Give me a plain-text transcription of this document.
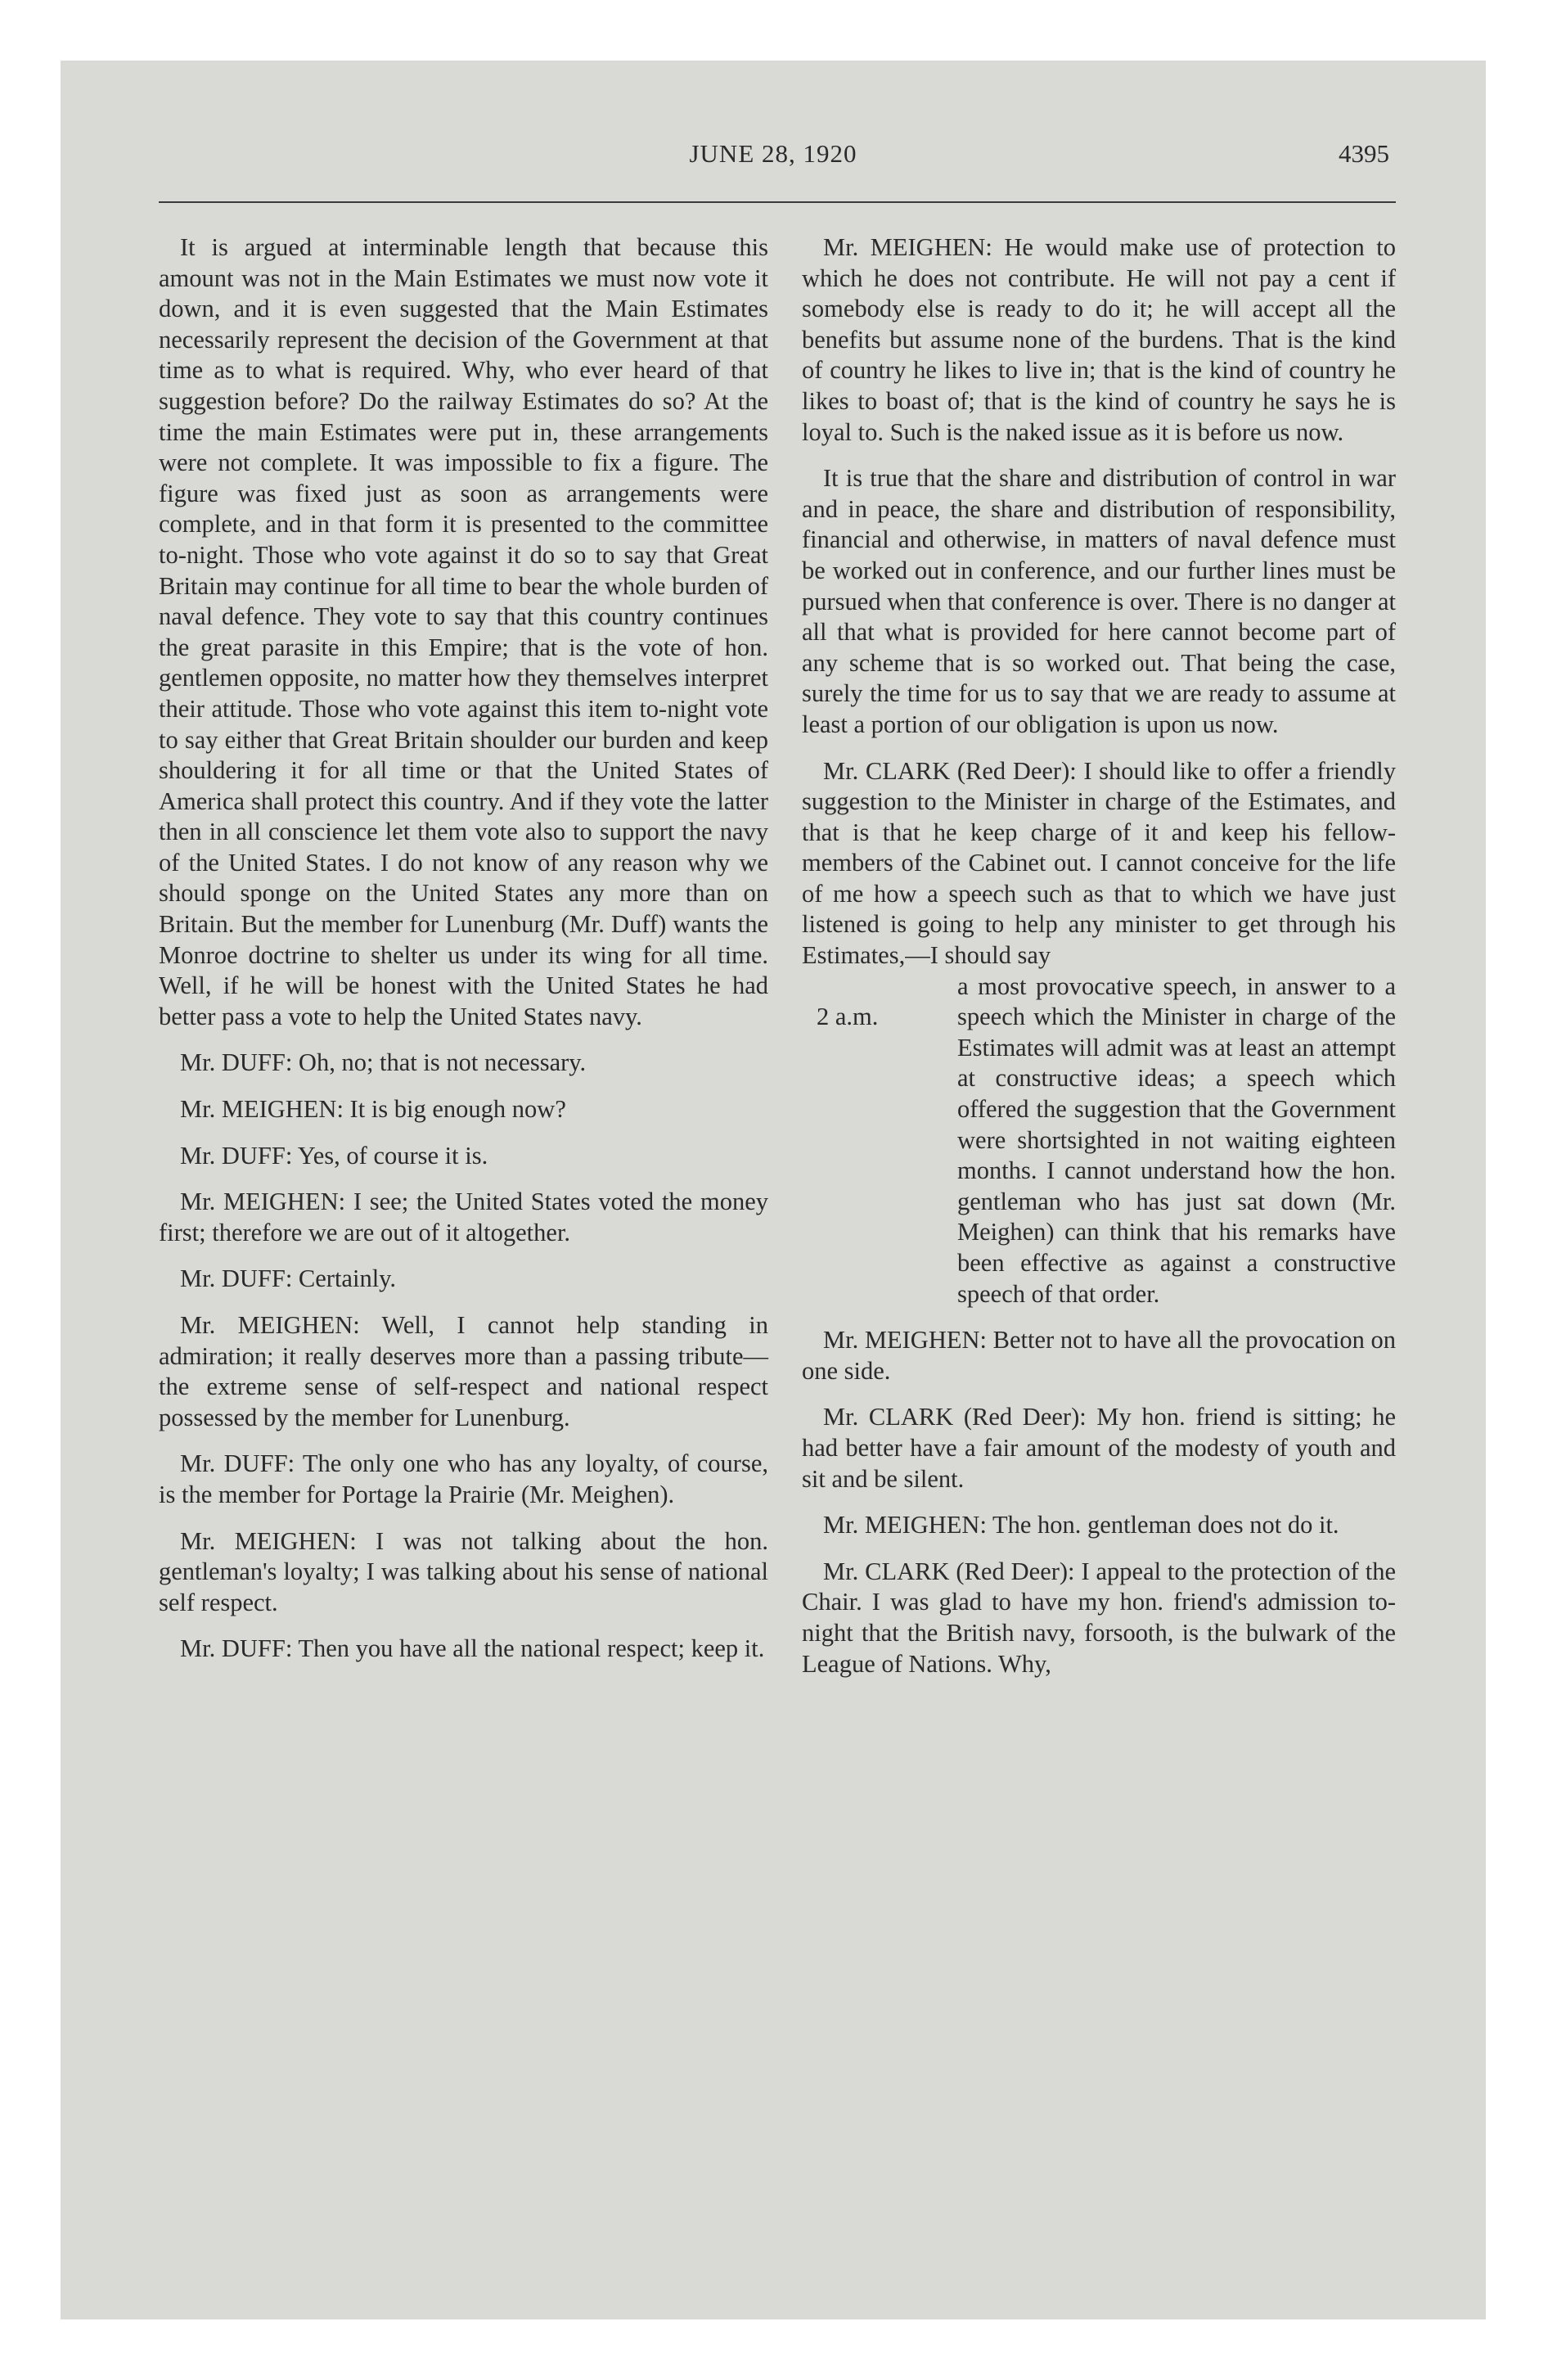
JUNE 28, 1920	4395

It is argued at interminable length that because this amount was not in the Main Estimates we must now vote it down, and it is even suggested that the Main Estimates necessarily represent the decision of the Government at that time as to what is required. Why, who ever heard of that suggestion before? Do the railway Estimates do so? At the time the main Estimates were put in, these arrangements were not complete. It was impossible to fix a figure. The figure was fixed just as soon as arrangements were complete, and in that form it is presented to the committee to-night. Those who vote against it do so to say that Great Britain may continue for all time to bear the whole burden of naval defence. They vote to say that this country continues the great parasite in this Empire; that is the vote of hon. gentlemen opposite, no matter how they themselves interpret their attitude. Those who vote against this item to-night vote to say either that Great Britain shoulder our burden and keep shouldering it for all time or that the United States of America shall protect this country. And if they vote the latter then in all conscience let them vote also to support the navy of the United States. I do not know of any reason why we should sponge on the United States any more than on Britain. But the member for Lunenburg (Mr. Duff) wants the Monroe doctrine to shelter us under its wing for all time. Well, if he will be honest with the United States he had better pass a vote to help the United States navy.

Mr. DUFF: Oh, no; that is not necessary.

Mr. MEIGHEN: It is big enough now?

Mr. DUFF: Yes, of course it is.

Mr. MEIGHEN: I see; the United States voted the money first; therefore we are out of it altogether.

Mr. DUFF: Certainly.

Mr. MEIGHEN: Well, I cannot help standing in admiration; it really deserves more than a passing tribute—the extreme sense of self-respect and national respect possessed by the member for Lunenburg.

Mr. DUFF: The only one who has any loyalty, of course, is the member for Portage la Prairie (Mr. Meighen).

Mr. MEIGHEN: I was not talking about the hon. gentleman's loyalty; I was talking about his sense of national self respect.

Mr. DUFF: Then you have all the national respect; keep it.

Mr. MEIGHEN: He would make use of protection to which he does not contribute. He will not pay a cent if somebody else is ready to do it; he will accept all the benefits but assume none of the burdens. That is the kind of country he likes to live in; that is the kind of country he likes to boast of; that is the kind of country he says he is loyal to. Such is the naked issue as it is before us now.

It is true that the share and distribution of control in war and in peace, the share and distribution of responsibility, financial and otherwise, in matters of naval defence must be worked out in conference, and our further lines must be pursued when that conference is over. There is no danger at all that what is provided for here cannot become part of any scheme that is so worked out. That being the case, surely the time for us to say that we are ready to assume at least a portion of our obligation is upon us now.

Mr. CLARK (Red Deer): I should like to offer a friendly suggestion to the Minister in charge of the Estimates, and that is that he keep charge of it and keep his fellow-members of the Cabinet out. I cannot conceive for the life of me how a speech such as that to which we have just listened is going to help any minister to get through his Estimates,—I should say

2 a.m.

a most provocative speech, in answer to a speech which the Minister in charge of the Estimates will admit was at least an attempt at constructive ideas; a speech which offered the suggestion that the Government were shortsighted in not waiting eighteen months. I cannot understand how the hon. gentleman who has just sat down (Mr. Meighen) can think that his remarks have been effective as against a constructive speech of that order.

Mr. MEIGHEN: Better not to have all the provocation on one side.

Mr. CLARK (Red Deer): My hon. friend is sitting; he had better have a fair amount of the modesty of youth and sit and be silent.

Mr. MEIGHEN: The hon. gentleman does not do it.

Mr. CLARK (Red Deer): I appeal to the protection of the Chair. I was glad to have my hon. friend's admission to-night that the British navy, forsooth, is the bulwark of the League of Nations. Why,
